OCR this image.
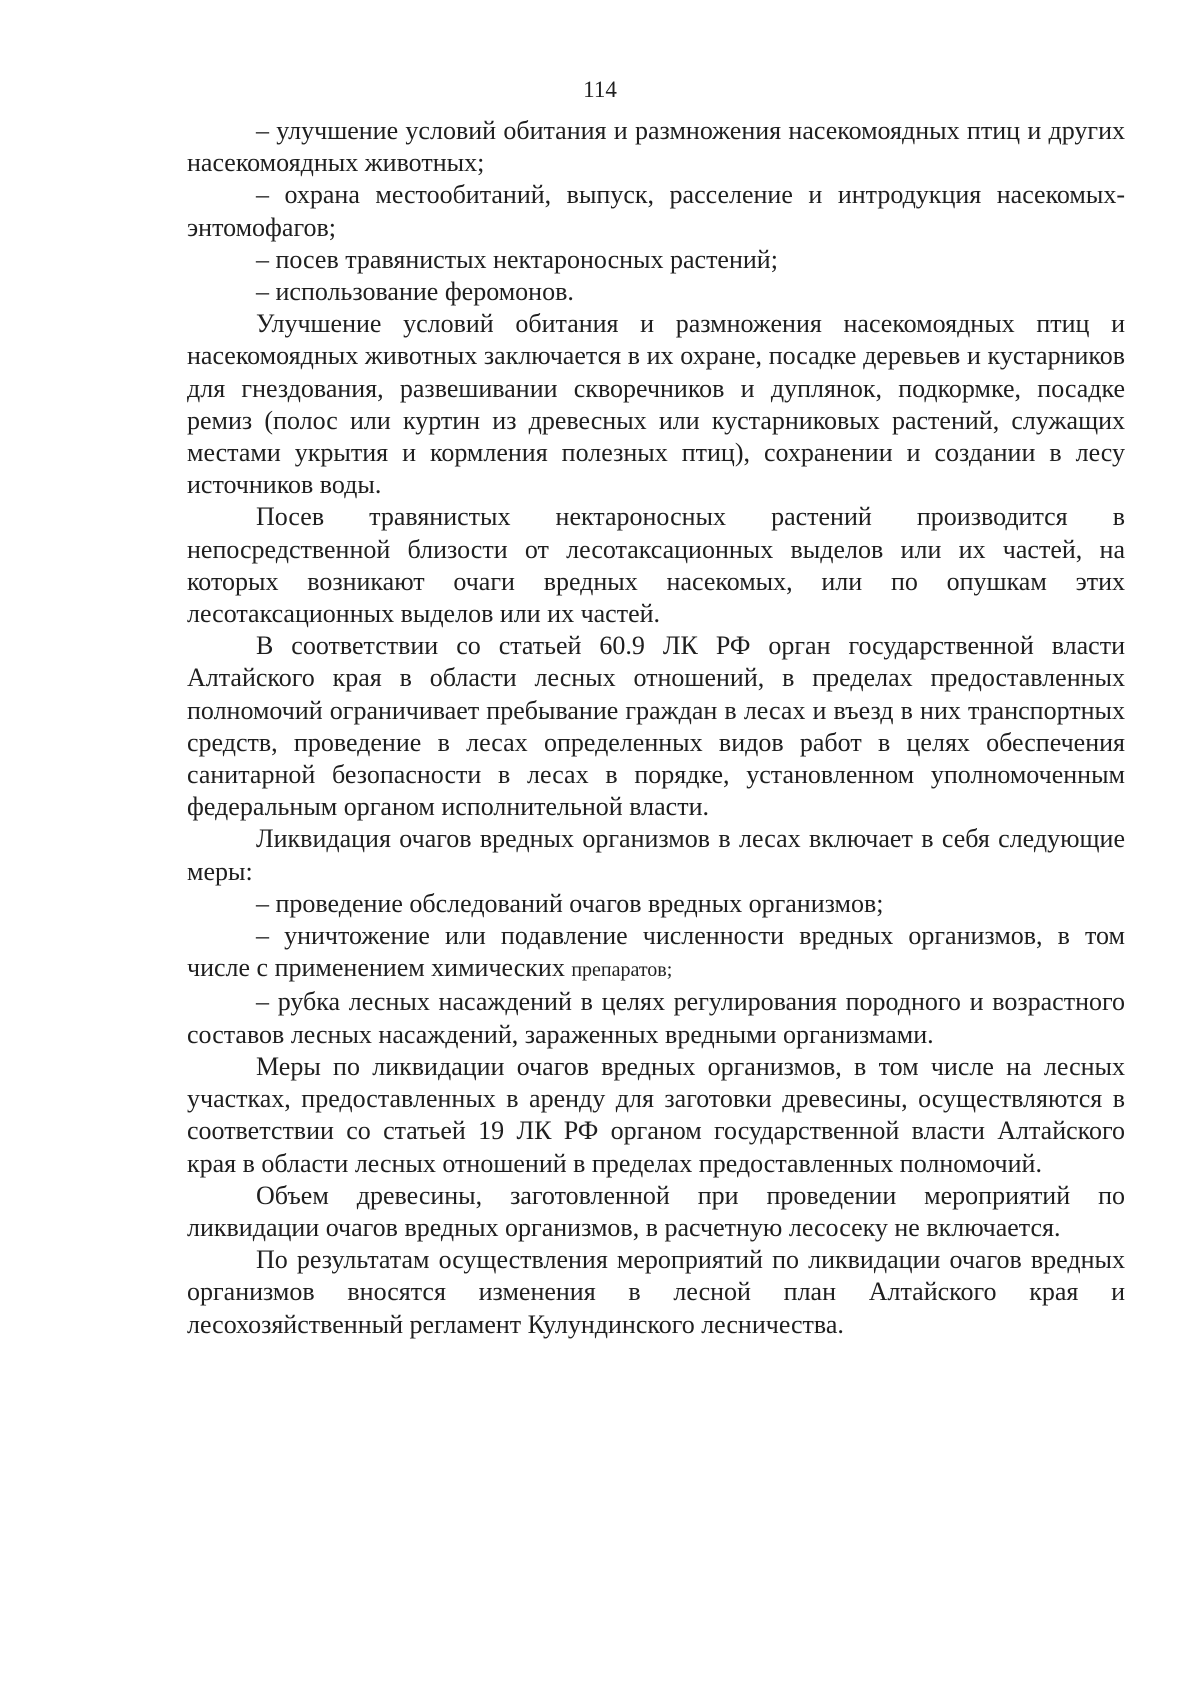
114

– улучшение условий обитания и размножения насекомоядных птиц и других насекомоядных животных;

– охрана местообитаний, выпуск, расселение и интродукция насекомых-энтомофагов;

– посев травянистых нектароносных растений;

– использование феромонов.

Улучшение условий обитания и размножения насекомоядных птиц и насекомоядных животных заключается в их охране, посадке деревьев и кустарников для гнездования, развешивании скворечников и дуплянок, подкормке, посадке ремиз (полос или куртин из древесных или кустарниковых растений, служащих местами укрытия и кормления полезных птиц), сохранении и создании в лесу источников воды.

Посев травянистых нектароносных растений производится в непосредственной близости от лесотаксационных выделов или их частей, на которых возникают очаги вредных насекомых, или по опушкам этих лесотаксационных выделов или их частей.

В соответствии со статьей 60.9 ЛК РФ орган государственной власти Алтайского края в области лесных отношений, в пределах предоставленных полномочий ограничивает пребывание граждан в лесах и въезд в них транспортных средств, проведение в лесах определенных видов работ в целях обеспечения санитарной безопасности в лесах в порядке, установленном уполномоченным федеральным органом исполнительной власти.

Ликвидация очагов вредных организмов в лесах включает в себя следующие меры:

– проведение обследований очагов вредных организмов;

– уничтожение или подавление численности вредных организмов, в том числе с применением химических препаратов;

– рубка лесных насаждений в целях регулирования породного и возрастного составов лесных насаждений, зараженных вредными организмами.

Меры по ликвидации очагов вредных организмов, в том числе на лесных участках, предоставленных в аренду для заготовки древесины, осуществляются в соответствии со статьей 19 ЛК РФ органом государственной власти Алтайского края в области лесных отношений в пределах предоставленных полномочий.

Объем древесины, заготовленной при проведении мероприятий по ликвидации очагов вредных организмов, в расчетную лесосеку не включается.

По результатам осуществления мероприятий по ликвидации очагов вредных организмов вносятся изменения в лесной план Алтайского края и лесохозяйственный регламент Кулундинского лесничества.
